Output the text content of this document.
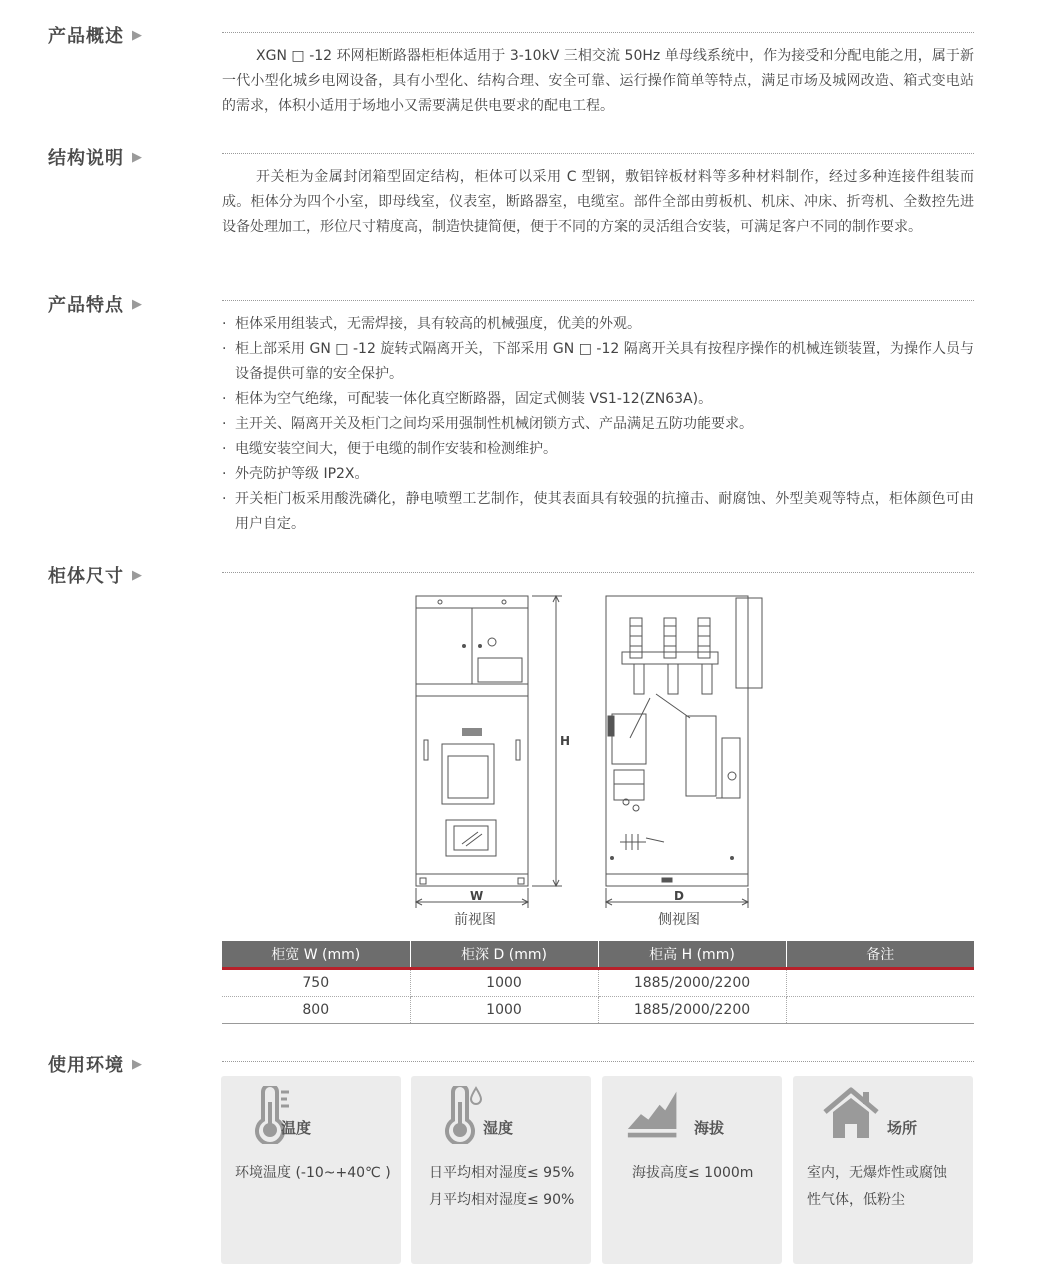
产品概述 ▶

XGN □ -12 环网柜断路器柜柜体适用于 3-10kV 三相交流 50Hz 单母线系统中，作为接受和分配电能之用，属于新一代小型化城乡电网设备，具有小型化、结构合理、安全可靠、运行操作简单等特点，满足市场及城网改造、箱式变电站的需求，体积小适用于场地小又需要满足供电要求的配电工程。

结构说明 ▶

开关柜为金属封闭箱型固定结构，柜体可以采用 C 型钢，敷铝锌板材料等多种材料制作，经过多种连接件组装而成。柜体分为四个小室，即母线室，仪表室，断路器室，电缆室。部件全部由剪板机、机床、冲床、折弯机、全数控先进设备处理加工，形位尺寸精度高，制造快捷简便，便于不同的方案的灵活组合安装，可满足客户不同的制作要求。

产品特点 ▶
· 柜体采用组装式，无需焊接，具有较高的机械强度，优美的外观。
· 柜上部采用 GN □ -12 旋转式隔离开关，下部采用 GN □ -12 隔离开关具有按程序操作的机械连锁装置，为操作人员与设备提供可靠的安全保护。
· 柜体为空气绝缘，可配装一体化真空断路器，固定式侧装 VS1-12(ZN63A)。
· 主开关、隔离开关及柜门之间均采用强制性机械闭锁方式、产品满足五防功能要求。
· 电缆安装空间大，便于电缆的制作安装和检测维护。
· 外壳防护等级 IP2X。
· 开关柜门板采用酸洗磷化，静电喷塑工艺制作，使其表面具有较强的抗撞击、耐腐蚀、外型美观等特点，柜体颜色可由用户自定。
柜体尺寸 ▶
H
W	D
前视图	侧视图
柜宽 W (mm)	柜深 D (mm)	柜高 H (mm)	备注
750	1000	1885/2000/2200	
800	1000	1885/2000/2200	
使用环境 ▶
温度
环境温度 (-10~+40℃ )
湿度
日平均相对湿度≤ 95%
月平均相对湿度≤ 90%
海拔
海拔高度≤ 1000m
场所
室内，无爆炸性或腐蚀
性气体，低粉尘
